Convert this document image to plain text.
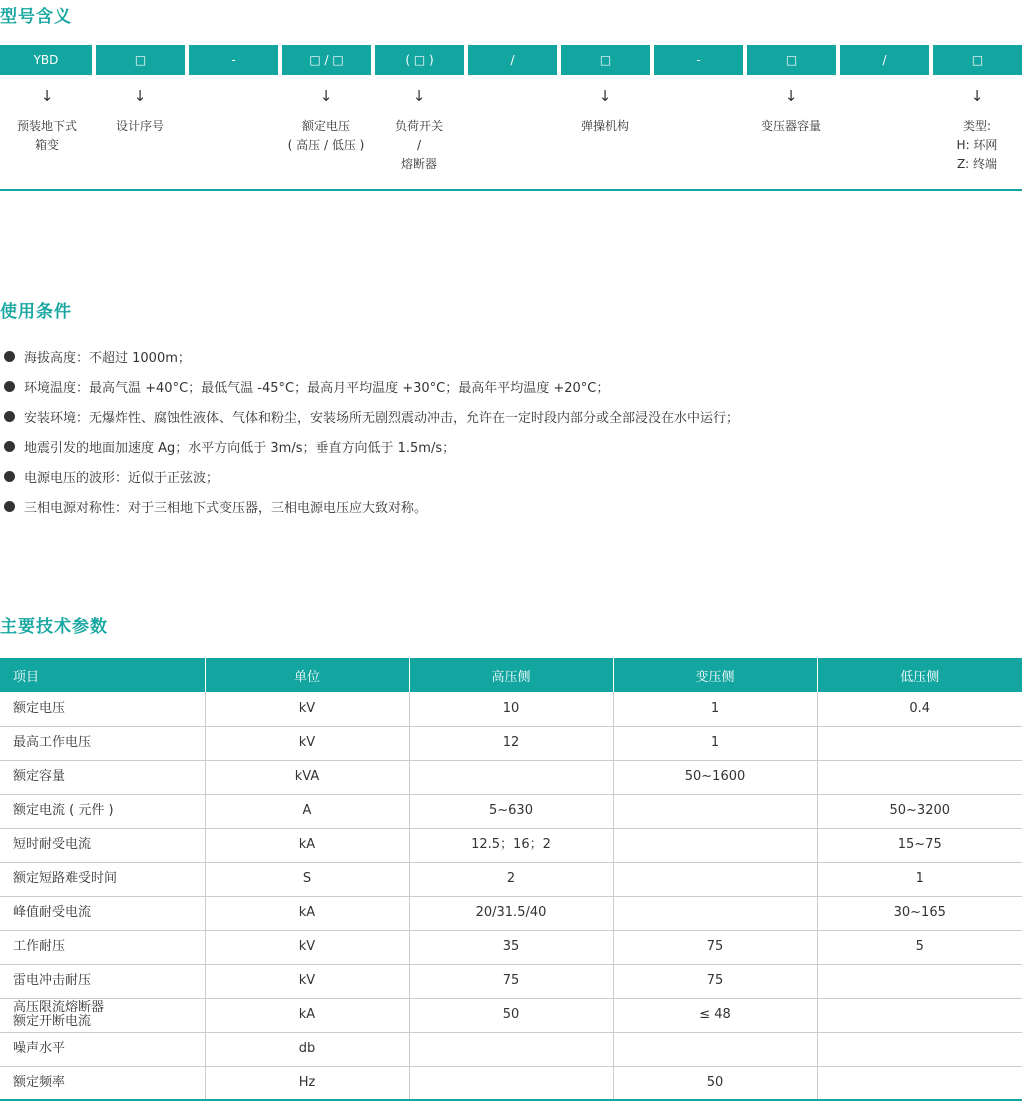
型号含义
YBD	□	-	□ / □	( □ )	/	□	-	□	/	□
↓	↓	↓	↓	↓	↓	↓
预装地下式
箱变
设计序号	额定电压
( 高压 / 低压 )
负荷开关
/
熔断器
弹操机构	变压器容量	类型:
H: 环网
Z: 终端
使用条件
海拔高度：不超过 1000m；
环境温度：最高气温 +40°C；最低气温 -45°C；最高月平均温度 +30°C；最高年平均温度 +20°C；
安装环境：无爆炸性、腐蚀性液体、气体和粉尘，安装场所无剧烈震动冲击，允许在一定时段内部分或全部浸没在水中运行；
地震引发的地面加速度 Ag；水平方向低于 3m/s；垂直方向低于 1.5m/s；
电源电压的波形：近似于正弦波；
三相电源对称性：对于三相地下式变压器，三相电源电压应大致对称。
主要技术参数
项目	单位	高压侧	变压侧	低压侧
额定电压	kV	10	1	0.4
最高工作电压	kV	12	1	
额定容量	kVA		50~1600	
额定电流 ( 元件 )	A	5~630		50~3200
短时耐受电流	kA	12.5；16；2		15~75
额定短路难受时间	S	2		1
峰值耐受电流	kA	20/31.5/40		30~165
工作耐压	kV	35	75	5
雷电冲击耐压	kV	75	75	
高压限流熔断器
额定开断电流	kA	50	≤ 48	
噪声水平	db			
额定频率	Hz		50	
